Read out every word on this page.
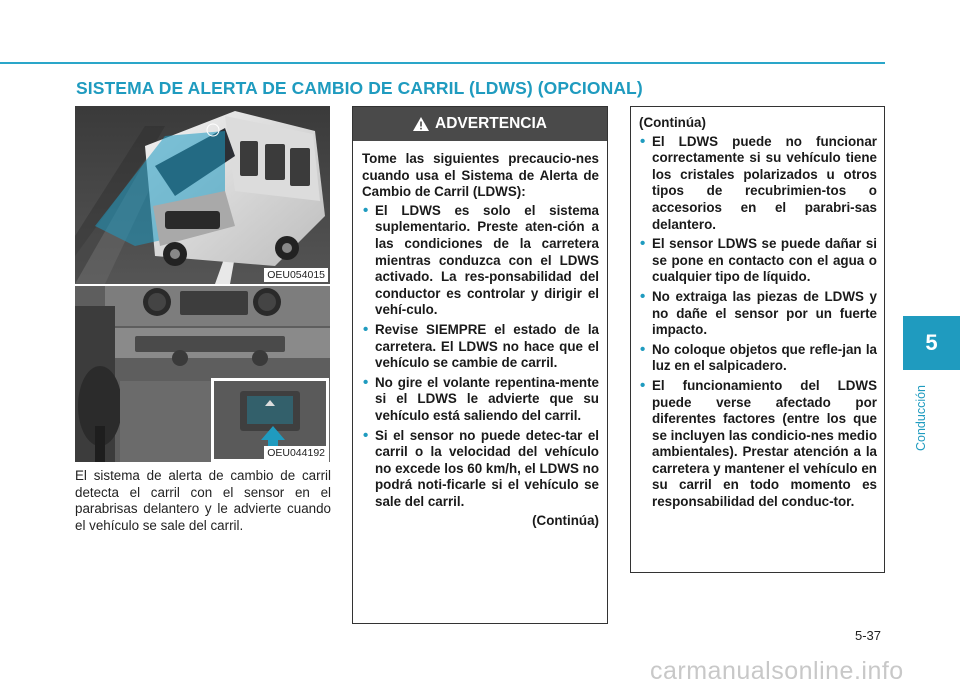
SISTEMA DE ALERTA DE CAMBIO DE CARRIL (LDWS) (OPCIONAL)
5
Conducción
OEU054015
OEU044192

El sistema de alerta de cambio de carril detecta el carril con el sensor en el parabrisas delantero y le advierte cuando el vehículo se sale del carril.

ADVERTENCIA

Tome las siguientes precaucio-nes cuando usa el Sistema de Alerta de Cambio de Carril (LDWS):

• El LDWS es solo el sistema suplementario. Preste aten-ción a las condiciones de la carretera mientras conduzca con el LDWS activado. La res-ponsabilidad del conductor es controlar y dirigir el vehí-culo.
• Revise SIEMPRE el estado de la carretera. El LDWS no hace que el vehículo se cambie de carril.
• No gire el volante repentina-mente si el LDWS le advierte que su vehículo está saliendo del carril.
• Si el sensor no puede detec-tar el carril o la velocidad del vehículo no excede los 60 km/h, el LDWS no podrá noti-ficarle si el vehículo se sale del carril.

(Continúa)

(Continúa)

• El LDWS puede no funcionar correctamente si su vehículo tiene los cristales polarizados u otros tipos de recubrimien-tos o accesorios en el parabri-sas delantero.
• El sensor LDWS se puede dañar si se pone en contacto con el agua o cualquier tipo de líquido.
• No extraiga las piezas de LDWS y no dañe el sensor por un fuerte impacto.
• No coloque objetos que refle-jan la luz en el salpicadero.
• El funcionamiento del LDWS puede verse afectado por diferentes factores (entre los que se incluyen las condicio-nes medio ambientales). Prestar atención a la carretera y mantener el vehículo en su carril en todo momento es responsabilidad del conduc-tor.
5-37
carmanualsonline.info
